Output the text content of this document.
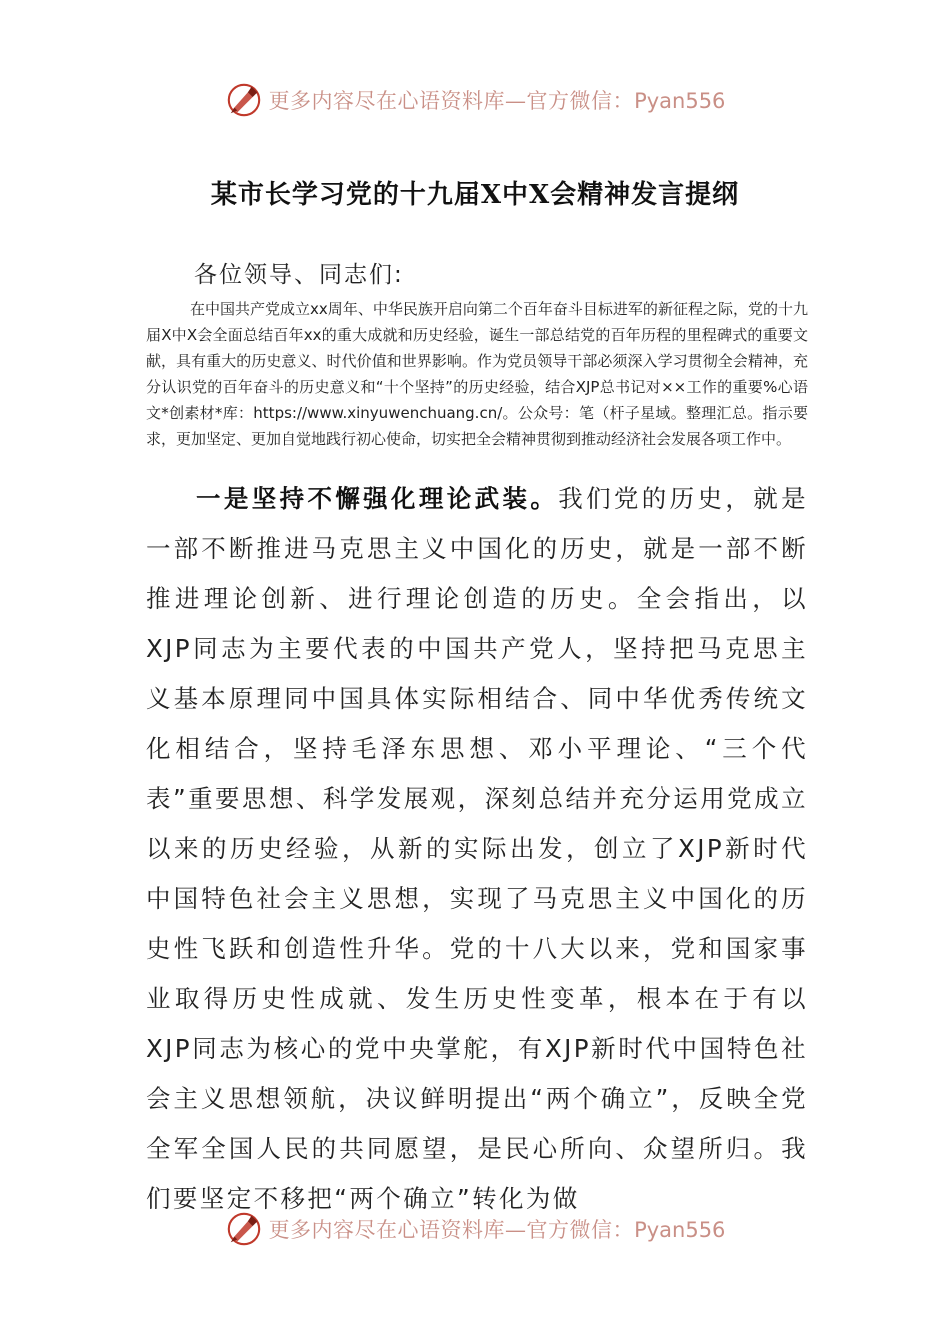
更多内容尽在心语资料库—官方微信：Pyan556
某市长学习党的十九届X中X会精神发言提纲
各位领导、同志们:
在中国共产党成立xx周年、中华民族开启向第二个百年奋斗目标进军的新征程之际，党的十九届X中X会全面总结百年xx的重大成就和历史经验，诞生一部总结党的百年历程的里程碑式的重要文献，具有重大的历史意义、时代价值和世界影响。作为党员领导干部必须深入学习贯彻全会精神，充分认识党的百年奋斗的历史意义和“十个坚持”的历史经验，结合XJP总书记对××工作的重要%心语文*创素材*库：https://www.xinyuwenchuang.cn/。公众号：笔（杆子星域。整理汇总。指示要求，更加坚定、更加自觉地践行初心使命，切实把全会精神贯彻到推动经济社会发展各项工作中。
一是坚持不懈强化理论武装。我们党的历史，就是一部不断推进马克思主义中国化的历史，就是一部不断推进理论创新、进行理论创造的历史。全会指出，以XJP同志为主要代表的中国共产党人，坚持把马克思主义基本原理同中国具体实际相结合、同中华优秀传统文化相结合，坚持毛泽东思想、邓小平理论、“三个代表”重要思想、科学发展观，深刻总结并充分运用党成立以来的历史经验，从新的实际出发，创立了XJP新时代中国特色社会主义思想，实现了马克思主义中国化的历史性飞跃和创造性升华。党的十八大以来，党和国家事业取得历史性成就、发生历史性变革，根本在于有以XJP同志为核心的党中央掌舵，有XJP新时代中国特色社会主义思想领航，决议鲜明提出“两个确立”，反映全党全军全国人民的共同愿望，是民心所向、众望所归。我们要坚定不移把“两个确立”转化为做
更多内容尽在心语资料库—官方微信：Pyan556
